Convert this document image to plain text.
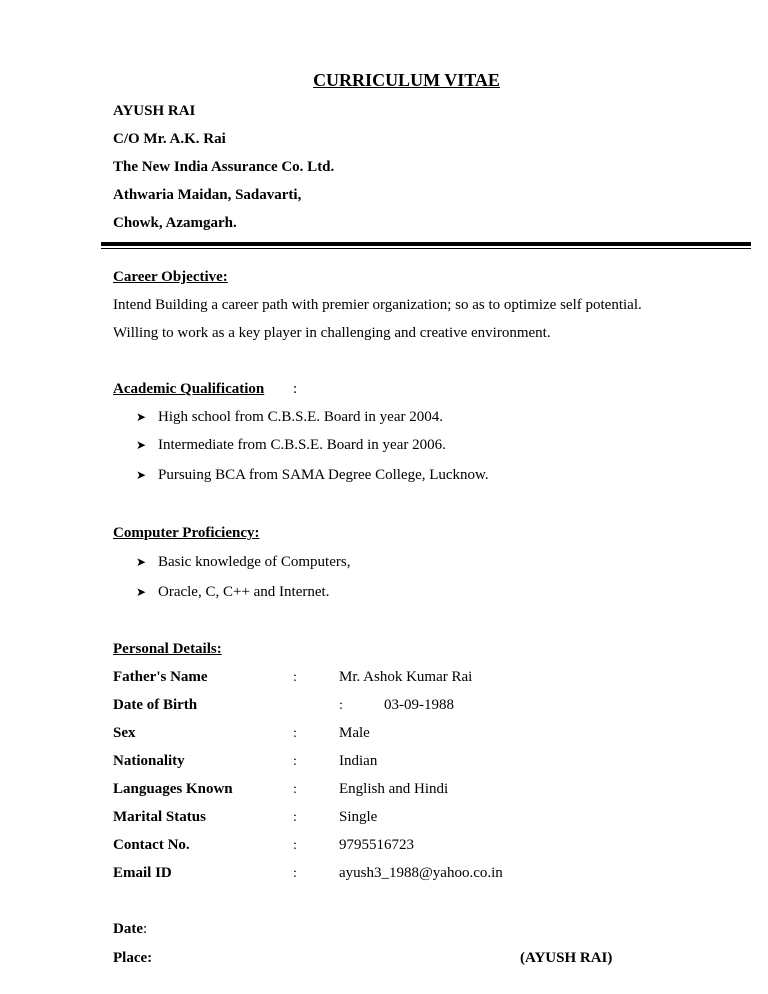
CURRICULUM VITAE
AYUSH RAI
C/O Mr. A.K. Rai
The New India Assurance Co. Ltd.
Athwaria Maidan, Sadavarti,
Chowk, Azamgarh.
Career Objective:
Intend Building a career path with premier organization; so as to optimize self potential.
Willing to work as a key player in challenging and creative environment.
Academic Qualification :
➤ High school from C.B.S.E. Board in year 2004.
➤ Intermediate from C.B.S.E. Board in year 2006.
➤ Pursuing BCA from SAMA Degree College, Lucknow.
Computer Proficiency:
➤ Basic knowledge of Computers,
➤ Oracle, C, C++ and Internet.
Personal Details:
Father's Name	:	Mr. Ashok Kumar Rai
Date of Birth	:	03-09-1988
Sex	:	Male
Nationality	:	Indian
Languages Known	:	English and Hindi
Marital Status	:	Single
Contact No.	:	9795516723
Email ID	:	ayush3_1988@yahoo.co.in
Date:
Place:	(AYUSH RAI)
